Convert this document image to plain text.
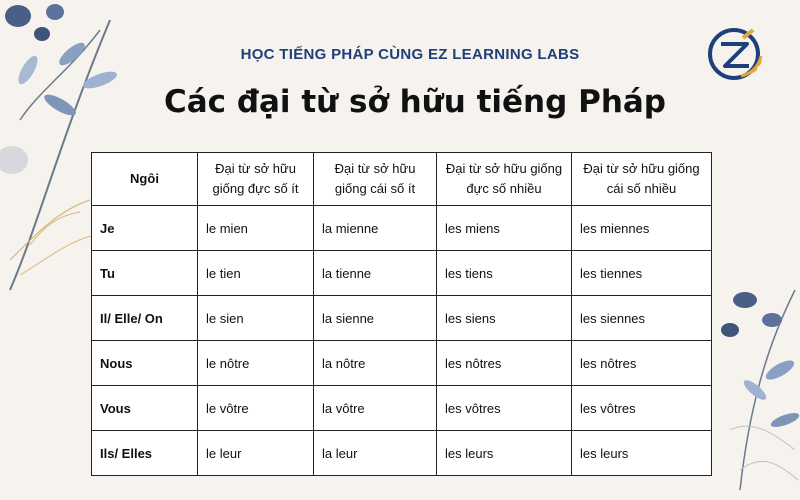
HỌC TIẾNG PHÁP CÙNG EZ LEARNING LABS
Các đại từ sở hữu tiếng Pháp
Ngôi	Đại từ sở hữu giống đực số ít	Đại từ sở hữu giống cái số ít	Đại từ sở hữu giống đực số nhiều	Đại từ sở hữu giống cái số nhiều
Je	le mien	la mienne	les miens	les miennes
Tu	le tien	la tienne	les tiens	les tiennes
Il/ Elle/ On	le sien	la sienne	les siens	les siennes
Nous	le nôtre	la nôtre	les nôtres	les nôtres
Vous	le vôtre	la vôtre	les vôtres	les vôtres
Ils/ Elles	le leur	la leur	les leurs	les leurs
